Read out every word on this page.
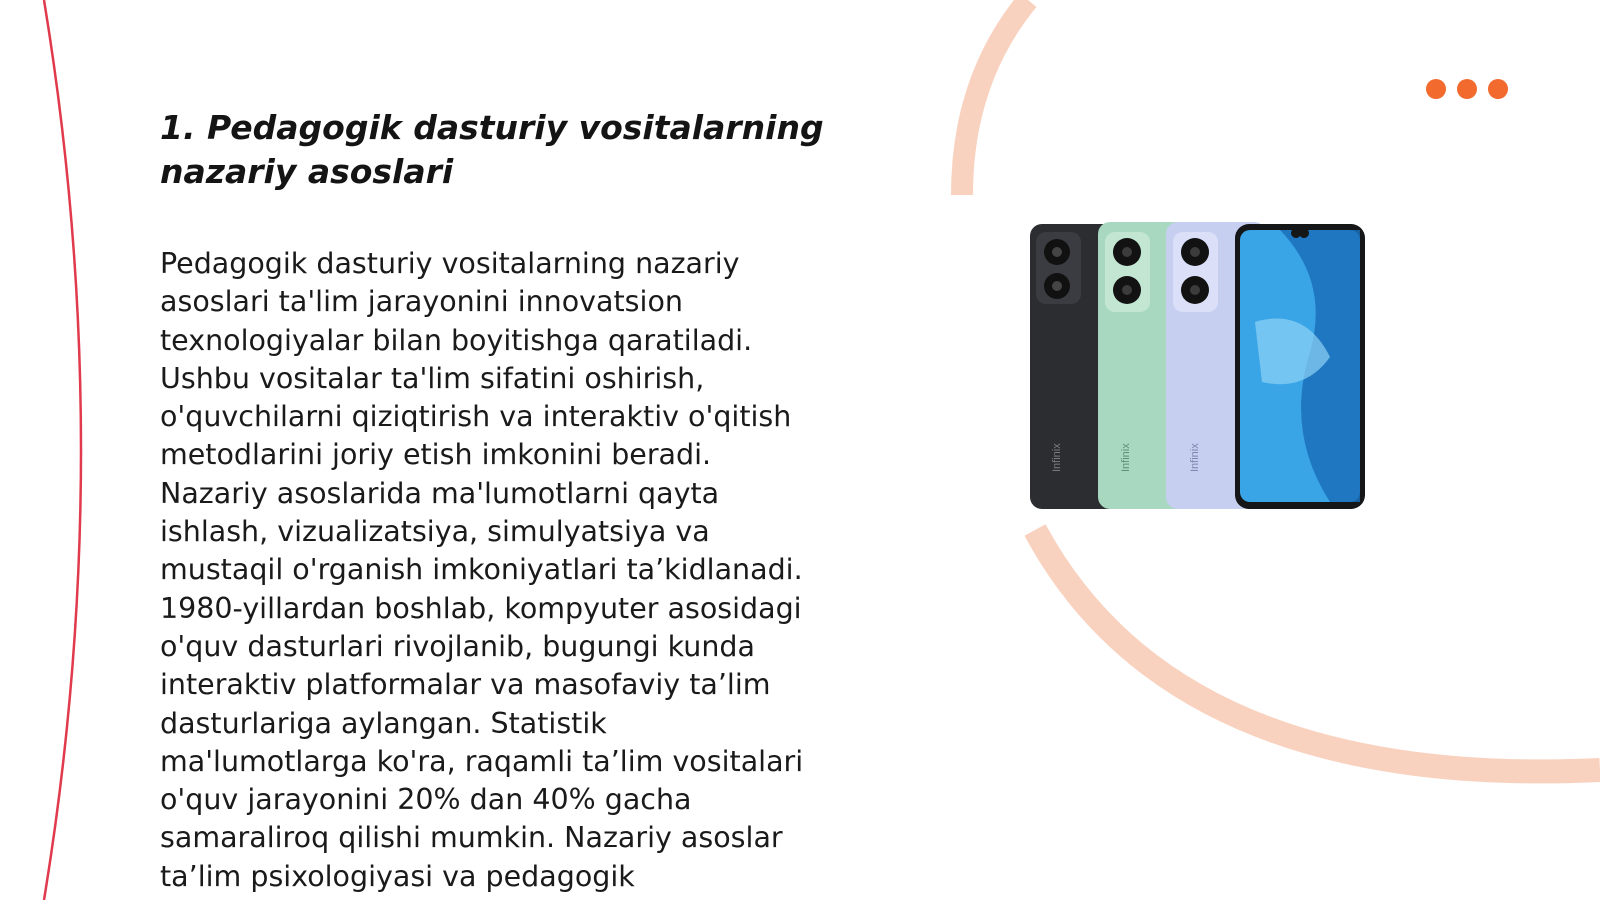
1. Pedagogik dasturiy vositalarning nazariy asoslari

Pedagogik dasturiy vositalarning nazariy
asoslari ta'lim jarayonini innovatsion
texnologiyalar bilan boyitishga qaratiladi.
Ushbu vositalar ta'lim sifatini oshirish,
o'quvchilarni qiziqtirish va interaktiv o'qitish
metodlarini joriy etish imkonini beradi.
Nazariy asoslarida ma'lumotlarni qayta
ishlash, vizualizatsiya, simulyatsiya va
mustaqil o'rganish imkoniyatlari ta’kidlanadi.
1980-yillardan boshlab, kompyuter asosidagi
o'quv dasturlari rivojlanib, bugungi kunda
interaktiv platformalar va masofaviy ta’lim
dasturlariga aylangan. Statistik
ma'lumotlarga ko'ra, raqamli ta’lim vositalari
o'quv jarayonini 20% dan 40% gacha
samaraliroq qilishi mumkin. Nazariy asoslar
ta’lim psixologiyasi va pedagogik

Infinix	Infinix	Infinix
